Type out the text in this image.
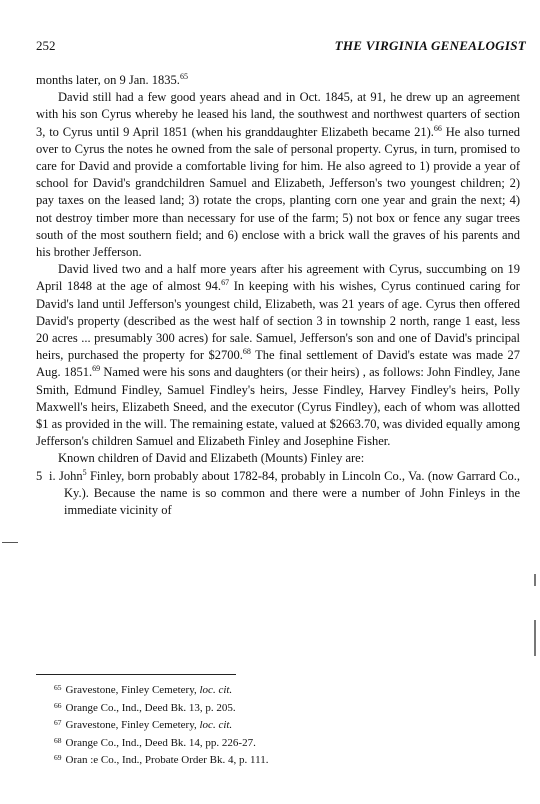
252	THE VIRGINIA GENEALOGIST

months later, on 9 Jan. 1835.65

David still had a few good years ahead and in Oct. 1845, at 91, he drew up an agreement with his son Cyrus whereby he leased his land, the southwest and northwest quarters of section 3, to Cyrus until 9 April 1851 (when his granddaughter Elizabeth became 21).$^{66}$ He also turned over to Cyrus the notes he owned from the sale of personal property. Cyrus, in turn, promised to care for David and provide a comfortable living for him. He also agreed to 1) provide a year of school for David's grandchildren Samuel and Elizabeth, Jefferson's two youngest children; 2) pay taxes on the leased land; 3) rotate the crops, planting corn one year and grain the next; 4) not destroy timber more than necessary for use of the farm; 5) not box or fence any sugar trees south of the most southern field; and 6) enclose with a brick wall the graves of his parents and his brother Jefferson.

David lived two and a half more years after his agreement with Cyrus, succumbing on 19 April 1848 at the age of almost 94.67 In keeping with his wishes, Cyrus continued caring for David's land until Jefferson's youngest child, Elizabeth, was 21 years of age. Cyrus then offered David's property (described as the west half of section 3 in township 2 north, range 1 east, less 20 acres ... presumably 300 acres) for sale. Samuel, Jefferson's son and one of David's principal heirs, purchased the property for $2700.68 The final settlement of David's estate was made 27 Aug. 1851.69 Named were his sons and daughters (or their heirs) , as follows: John Findley, Jane Smith, Edmund Findley, Samuel Findley's heirs, Jesse Findley, Harvey Findley's heirs, Polly Maxwell's heirs, Elizabeth Sneed, and the executor (Cyrus Findley), each of whom was allotted $1 as provided in the will. The remaining estate, valued at $2663.70, was divided equally among Jefferson's children Samuel and Elizabeth Finley and Josephine Fisher.

Known children of David and Elizabeth (Mounts) Finley are:

5 i. John$^5$ Finley, born probably about 1782-84, probably in Lincoln Co., Va. (now Garrard Co., Ky.). Because the name is so common and there were a number of John Finleys in the immediate vicinity of

$^{65}$ Gravestone, Finley Cemetery, loc. cit.

$^{66}$ Orange Co., Ind., Deed Bk. 13, p. 205.

$^{67}$ Gravestone, Finley Cemetery, loc. cit.

$^{68}$ Orange Co., Ind., Deed Bk. 14, pp. 226-27.

$^{69}$ Oran :e Co., Ind., Probate Order Bk. 4, p. 111.
